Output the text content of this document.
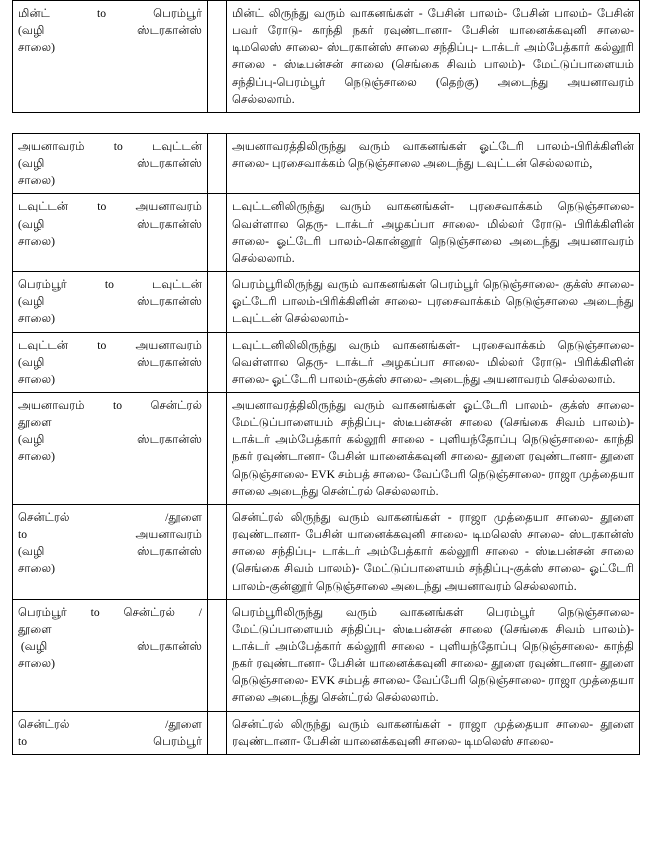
மின்ட் to பெரம்பூர்
(வழி	ஸ்டரகான்ஸ்
சாலை)
		மின்ட் லிருந்து வரும் வாகனங்கள் - பேசின் பாலம்- பேசின் பாலம்- பேசின் பவர் ரோடு- காந்தி நகர் ரவுண்டானா- பேசின் யானைக்கவுனி சாலை- டிமலெஸ் சாலை- ஸ்டரகான்ஸ் சாலை சந்திப்பு- டாக்டர் அம்பேத்கார் கல்லூரி சாலை - ஸ்டீபன்சன் சாலை (செங்கை சிவம் பாலம்)- மேட்டுப்பாளையம் சந்திப்பு-பெரம்பூர் நெடுஞ்சாலை (தெற்கு) அடைந்து அயனாவரம் செல்லலாம்.
அயனாவரம் to டவுட்டன்
(வழி ஸ்டரகான்ஸ்
சாலை)		அயனாவரத்திலிருந்து வரும் வாகனங்கள் ஓட்டேரி பாலம்-பிரிக்கிளின் சாலை- புரசைவாக்கம் நெடுஞ்சாலை அடைந்து டவுட்டன் செல்லலாம்,

டவுட்டன் to அயனாவரம்
(வழி ஸ்டரகான்ஸ்
சாலை)		டவுட்டனிலிருந்து வரும் வாகனங்கள்- புரசைவாக்கம் நெடுஞ்சாலை- வெள்ளால தெரு- டாக்டர் அழகப்பா சாலை- மில்லர் ரோடு- பிரிக்கிளின் சாலை- ஓட்டேரி பாலம்-கொன்னூர் நெடுஞ்சாலை அடைந்து அயனாவரம் செல்லலாம்.

பெரம்பூர் to டவுட்டன்
(வழி ஸ்டரகான்ஸ்
சாலை)		பெரம்பூரிலிருந்து வரும் வாகனங்கள் பெரம்பூர் நெடுஞ்சாலை- குக்ஸ் சாலை- ஓட்டேரி பாலம்-பிரிக்கிளின் சாலை- புரசைவாக்கம் நெடுஞ்சாலை அடைந்து டவுட்டன் செல்லலாம்-

டவுட்டன் to அயனாவரம்
(வழி ஸ்டரகான்ஸ்
சாலை)		டவுட்டனிலிலிருந்து வரும் வாகனங்கள்- புரசைவாக்கம் நெடுஞ்சாலை- வெள்ளால தெரு- டாக்டர் அழகப்பா சாலை- மில்லர் ரோடு- பிரிக்கிளின் சாலை- ஓட்டேரி பாலம்-குக்ஸ் சாலை- அடைந்து அயனாவரம் செல்லலாம்.

அயனாவரம் to சென்ட்ரல்
தூளை
(வழி	ஸ்டரகான்ஸ்
சாலை)
		அயனாவரத்திலிருந்து வரும் வாகனங்கள் ஓட்டேரி பாலம்- குக்ஸ் சாலை-மேட்டுப்பாளையம் சந்திப்பு- ஸ்டீபன்சன் சாலை (செங்கை சிவம் பாலம்)- டாக்டர் அம்பேத்கார் கல்லூரி சாலை - புளியந்தோப்பு நெடுஞ்சாலை- காந்தி நகர் ரவுண்டானா- பேசின் யானைக்கவுனி சாலை- தூளை ரவுண்டானா- தூளை நெடுஞ்சாலை- EVK சம்பத் சாலை- வேப்பேரி நெடுஞ்சாலை- ராஜா முத்தையா சாலை அடைந்து சென்ட்ரல் செல்லலாம்.

சென்ட்ரல் /தூளை
to அயனாவரம்
(வழி	ஸ்டரகான்ஸ்
சாலை)
		சென்ட்ரல் லிருந்து வரும் வாகனங்கள் - ராஜா முத்தையா சாலை- தூளை ரவுண்டானா- பேசின் யானைக்கவுனி சாலை- டிமலெஸ் சாலை- ஸ்டரகான்ஸ் சாலை சந்திப்பு- டாக்டர் அம்பேத்கார் கல்லூரி சாலை - ஸ்டீபன்சன் சாலை (செங்கை சிவம் பாலம்)- மேட்டுப்பாளையம் சந்திப்பு-குக்ஸ் சாலை- ஓட்டேரி பாலம்-குன்னூர் நெடுஞ்சாலை அடைந்து அயனாவரம் செல்லலாம்.

பெரம்பூர் to சென்ட்ரல் /
தூளை
(வழி	ஸ்டரகான்ஸ்
சாலை)
		பெரம்பூரிலிருந்து வரும் வாகனங்கள் பெரம்பூர் நெடுஞ்சாலை-மேட்டுப்பாளையம் சந்திப்பு- ஸ்டீபன்சன் சாலை (செங்கை சிவம் பாலம்)- டாக்டர் அம்பேத்கார் கல்லூரி சாலை - புளியந்தோப்பு நெடுஞ்சாலை- காந்தி நகர் ரவுண்டானா- பேசின் யானைக்கவுனி சாலை- தூளை ரவுண்டானா- தூளை நெடுஞ்சாலை- EVK சம்பத் சாலை- வேப்பேரி நெடுஞ்சாலை- ராஜா முத்தையா சாலை அடைந்து சென்ட்ரல் செல்லலாம்.

சென்ட்ரல் /தூளை
to பெரம்பூர்		சென்ட்ரல் லிருந்து வரும் வாகனங்கள் - ராஜா முத்தையா சாலை- தூளை ரவுண்டானா- பேசின் யானைக்கவுனி சாலை- டிமலெஸ் சாலை-
